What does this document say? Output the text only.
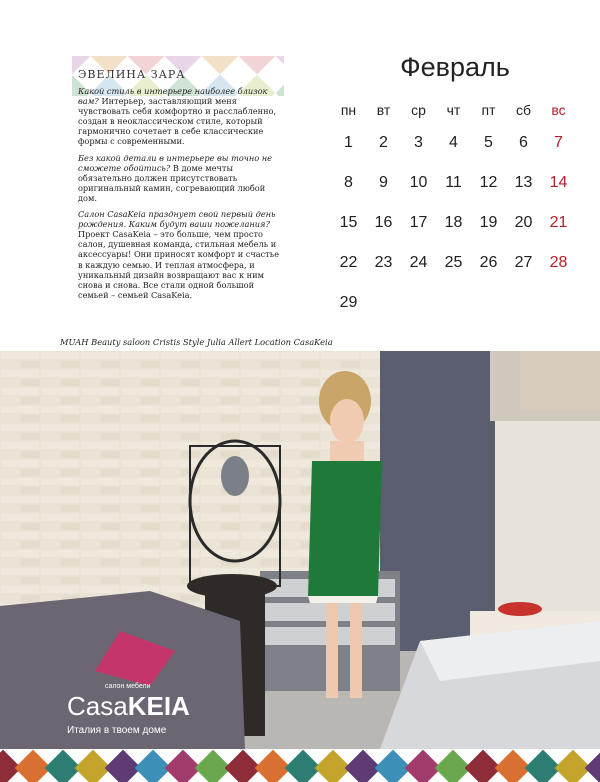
ЭВЕЛИНА ЗАРА

Какой стиль в интерьере наиболее близок вам? Интерьер, заставляющий меня чувствовать себя комфортно и расслабленно, создан в неоклассическом стиле, который гармонично сочетает в себе классические формы с современными.

Без какой детали в интерьере вы точно не сможете обойтись? В доме мечты обязательно должен присутствовать оригинальный камин, согревающий любой дом.

Салон CasaKeia празднует свой первый день рождения. Каким будут ваши пожелания? Проект CasaKeia – это больше, чем просто салон, душевная команда, стильная мебель и аксессуары! Они приносят комфорт и счастье в каждую семью. И теплая атмосфера, и уникальный дизайн возвращают вас к ним снова и снова. Все стали одной большой семьей – семьей CasaKeia.

Февраль
пн	вт	ср	чт	пт	сб	вс
1	2	3	4	5	6	7
8	9	10	11	12	13	14
15	16	17	18	19	20	21
22	23	24	25	26	27	28
29
MUAH Beauty saloon Cristis Style Julia Allert Location CasaKeia
салон мебели
CasaKEIA
Италия в твоем доме
